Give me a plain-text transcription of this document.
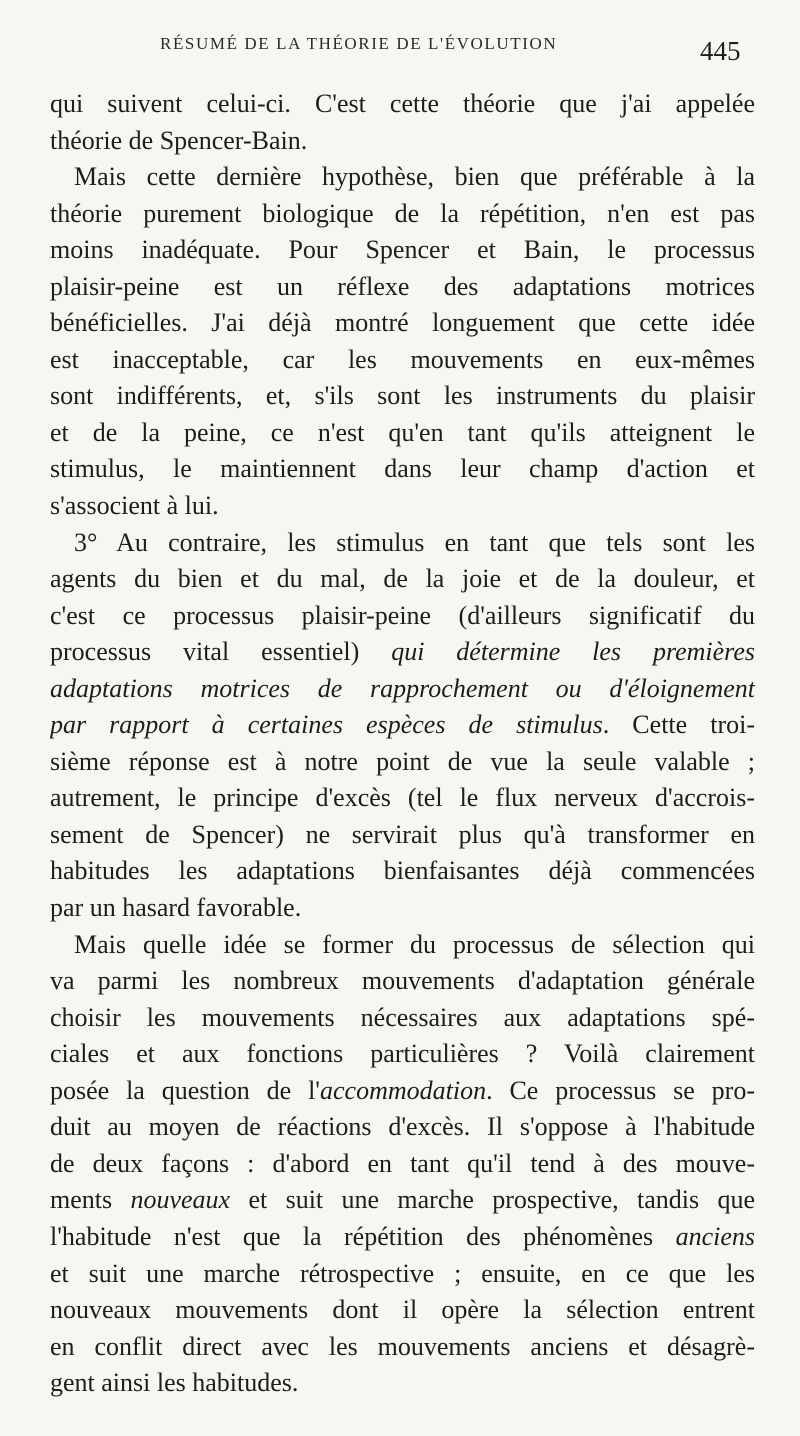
RÉSUMÉ DE LA THÉORIE DE L'ÉVOLUTION	445
qui suivent celui-ci. C'est cette théorie que j'ai appelée
théorie de Spencer-Bain.
Mais cette dernière hypothèse, bien que préférable à la
théorie purement biologique de la répétition, n'en est pas
moins inadéquate. Pour Spencer et Bain, le processus
plaisir-peine est un réflexe des adaptations motrices
bénéficielles. J'ai déjà montré longuement que cette idée
est inacceptable, car les mouvements en eux-mêmes
sont indifférents, et, s'ils sont les instruments du plaisir
et de la peine, ce n'est qu'en tant qu'ils atteignent le
stimulus, le maintiennent dans leur champ d'action et
s'associent à lui.
3° Au contraire, les stimulus en tant que tels sont les
agents du bien et du mal, de la joie et de la douleur, et
c'est ce processus plaisir-peine (d'ailleurs significatif du
processus vital essentiel) qui détermine les premières
adaptations motrices de rapprochement ou d'éloignement
par rapport à certaines espèces de stimulus. Cette troi-
sième réponse est à notre point de vue la seule valable ;
autrement, le principe d'excès (tel le flux nerveux d'accrois-
sement de Spencer) ne servirait plus qu'à transformer en
habitudes les adaptations bienfaisantes déjà commencées
par un hasard favorable.
Mais quelle idée se former du processus de sélection qui
va parmi les nombreux mouvements d'adaptation générale
choisir les mouvements nécessaires aux adaptations spé-
ciales et aux fonctions particulières ? Voilà clairement
posée la question de l'accommodation. Ce processus se pro-
duit au moyen de réactions d'excès. Il s'oppose à l'habitude
de deux façons : d'abord en tant qu'il tend à des mouve-
ments nouveaux et suit une marche prospective, tandis que
l'habitude n'est que la répétition des phénomènes anciens
et suit une marche rétrospective ; ensuite, en ce que les
nouveaux mouvements dont il opère la sélection entrent
en conflit direct avec les mouvements anciens et désagrè-
gent ainsi les habitudes.
